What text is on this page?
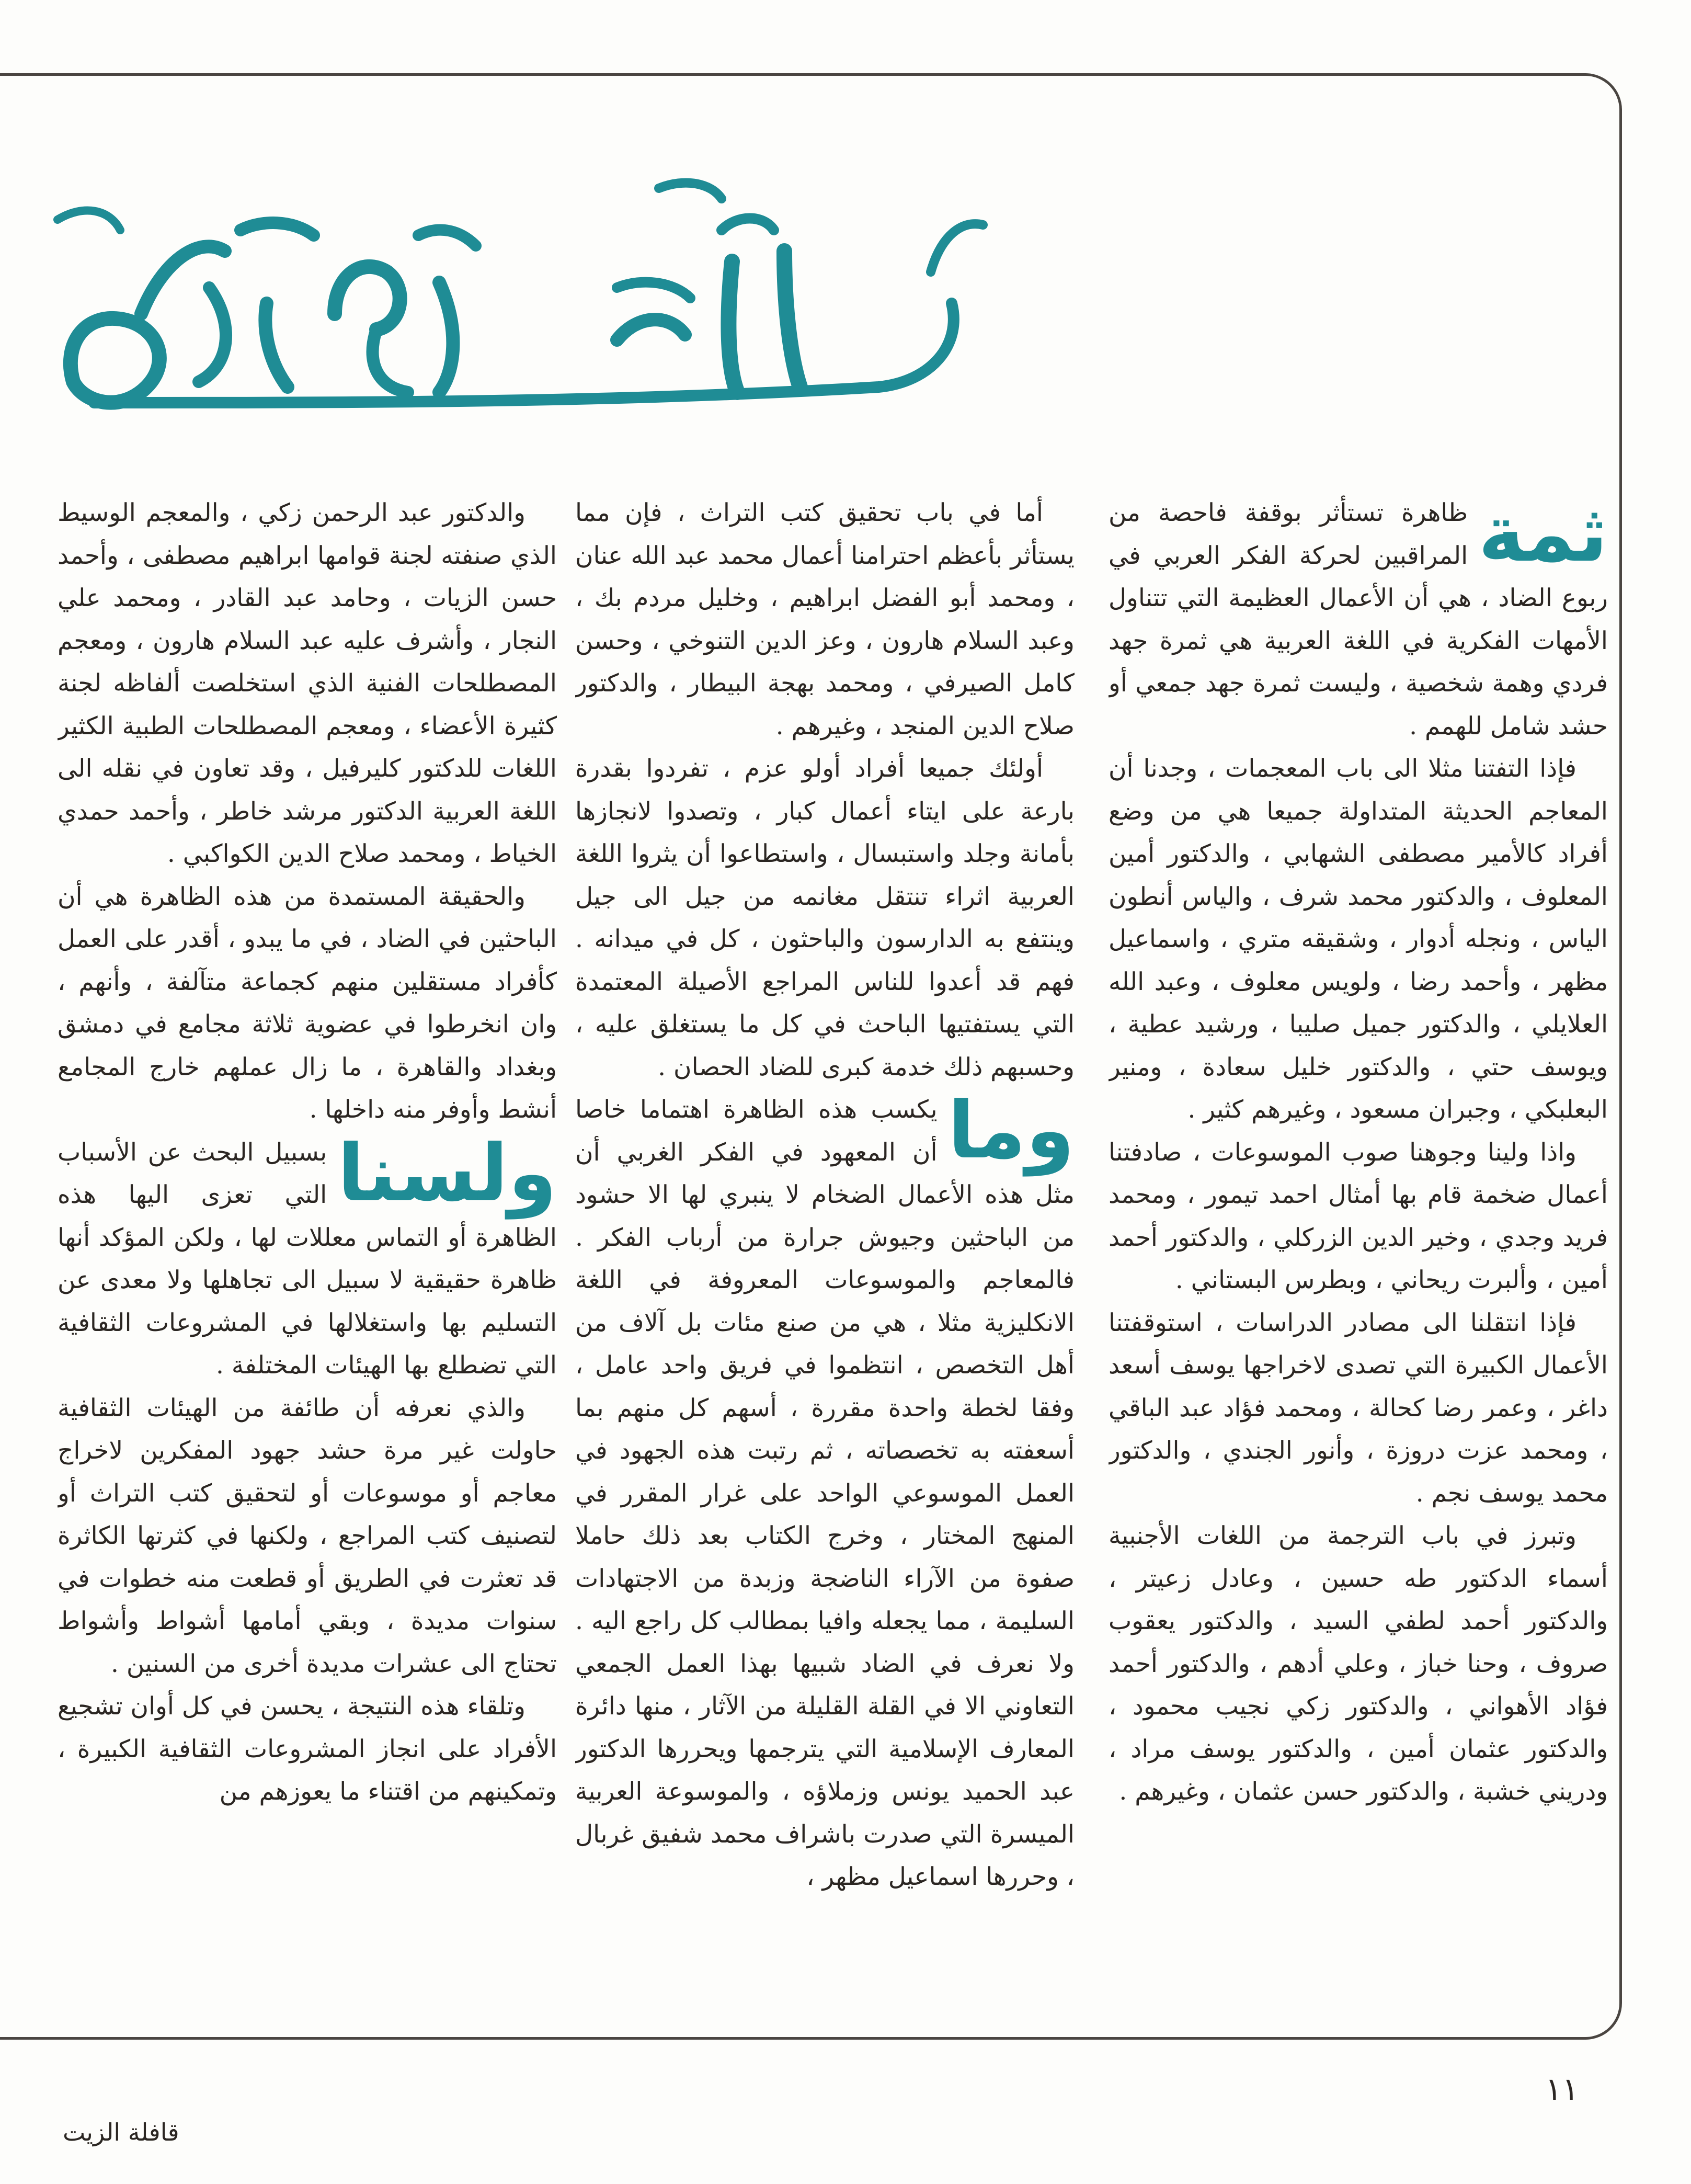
ثمة
ظاهرة تستأثر بوقفة فاحصة من المراقبين لحركة الفكر العربي في ربوع الضاد ، هي أن الأعمال العظيمة التي تتناول الأمهات الفكرية في اللغة العربية هي ثمرة جهد فردي وهمة شخصية ، وليست ثمرة جهد جمعي أو حشد شامل للهمم .

فإذا التفتنا مثلا الى باب المعجمات ، وجدنا أن المعاجم الحديثة المتداولة جميعا هي من وضع أفراد كالأمير مصطفى الشهابي ، والدكتور أمين المعلوف ، والدكتور محمد شرف ، والياس أنطون الياس ، ونجله أدوار ، وشقيقه متري ، واسماعيل مظهر ، وأحمد رضا ، ولويس معلوف ، وعبد الله العلايلي ، والدكتور جميل صليبا ، ورشيد عطية ، ويوسف حتي ، والدكتور خليل سعادة ، ومنير البعلبكي ، وجبران مسعود ، وغيرهم كثير .

واذا ولينا وجوهنا صوب الموسوعات ، صادفتنا أعمال ضخمة قام بها أمثال احمد تيمور ، ومحمد فريد وجدي ، وخير الدين الزركلي ، والدكتور أحمد أمين ، وألبرت ريحاني ، وبطرس البستاني .

فإذا انتقلنا الى مصادر الدراسات ، استوقفتنا الأعمال الكبيرة التي تصدى لاخراجها يوسف أسعد داغر ، وعمر رضا كحالة ، ومحمد فؤاد عبد الباقي ، ومحمد عزت دروزة ، وأنور الجندي ، والدكتور محمد يوسف نجم .

وتبرز في باب الترجمة من اللغات الأجنبية أسماء الدكتور طه حسين ، وعادل زعيتر ، والدكتور أحمد لطفي السيد ، والدكتور يعقوب صروف ، وحنا خباز ، وعلي أدهم ، والدكتور أحمد فؤاد الأهواني ، والدكتور زكي نجيب محمود ، والدكتور عثمان أمين ، والدكتور يوسف مراد ، ودريني خشبة ، والدكتور حسن عثمان ، وغيرهم .

أما في باب تحقيق كتب التراث ، فإن مما يستأثر بأعظم احترامنا أعمال محمد عبد الله عنان ، ومحمد أبو الفضل ابراهيم ، وخليل مردم بك ، وعبد السلام هارون ، وعز الدين التنوخي ، وحسن كامل الصيرفي ، ومحمد بهجة البيطار ، والدكتور صلاح الدين المنجد ، وغيرهم .

أولئك جميعا أفراد أولو عزم ، تفردوا بقدرة بارعة على ايتاء أعمال كبار ، وتصدوا لانجازها بأمانة وجلد واستبسال ، واستطاعوا أن يثروا اللغة العربية اثراء تنتقل مغانمه من جيل الى جيل وينتفع به الدارسون والباحثون ، كل في ميدانه . فهم قد أعدوا للناس المراجع الأصيلة المعتمدة التي يستفتيها الباحث في كل ما يستغلق عليه ، وحسبهم ذلك خدمة كبرى للضاد الحصان .

وما
يكسب هذه الظاهرة اهتماما خاصا أن المعهود في الفكر الغربي أن مثل هذه الأعمال الضخام لا ينبري لها الا حشود من الباحثين وجيوش جرارة من أرباب الفكر . فالمعاجم والموسوعات المعروفة في اللغة الانكليزية مثلا ، هي من صنع مئات بل آلاف من أهل التخصص ، انتظموا في فريق واحد عامل ، وفقا لخطة واحدة مقررة ، أسهم كل منهم بما أسعفته به تخصصاته ، ثم رتبت هذه الجهود في العمل الموسوعي الواحد على غرار المقرر في المنهج المختار ، وخرج الكتاب بعد ذلك حاملا صفوة من الآراء الناضجة وزبدة من الاجتهادات السليمة ، مما يجعله وافيا بمطالب كل راجع اليه . ولا نعرف في الضاد شبيها بهذا العمل الجمعي التعاوني الا في القلة القليلة من الآثار ، منها دائرة المعارف الإسلامية التي يترجمها ويحررها الدكتور عبد الحميد يونس وزملاؤه ، والموسوعة العربية الميسرة التي صدرت باشراف محمد شفيق غربال ، وحررها اسماعيل مظهر ،

والدكتور عبد الرحمن زكي ، والمعجم الوسيط الذي صنفته لجنة قوامها ابراهيم مصطفى ، وأحمد حسن الزيات ، وحامد عبد القادر ، ومحمد علي النجار ، وأشرف عليه عبد السلام هارون ، ومعجم المصطلحات الفنية الذي استخلصت ألفاظه لجنة كثيرة الأعضاء ، ومعجم المصطلحات الطبية الكثير اللغات للدكتور كليرفيل ، وقد تعاون في نقله الى اللغة العربية الدكتور مرشد خاطر ، وأحمد حمدي الخياط ، ومحمد صلاح الدين الكواكبي .

والحقيقة المستمدة من هذه الظاهرة هي أن الباحثين في الضاد ، في ما يبدو ، أقدر على العمل كأفراد مستقلين منهم كجماعة متآلفة ، وأنهم ، وان انخرطوا في عضوية ثلاثة مجامع في دمشق وبغداد والقاهرة ، ما زال عملهم خارج المجامع أنشط وأوفر منه داخلها .

ولسنا
بسبيل البحث عن الأسباب التي تعزى اليها هذه الظاهرة أو التماس معللات لها ، ولكن المؤكد أنها ظاهرة حقيقية لا سبيل الى تجاهلها ولا معدى عن التسليم بها واستغلالها في المشروعات الثقافية التي تضطلع بها الهيئات المختلفة .

والذي نعرفه أن طائفة من الهيئات الثقافية حاولت غير مرة حشد جهود المفكرين لاخراج معاجم أو موسوعات أو لتحقيق كتب التراث أو لتصنيف كتب المراجع ، ولكنها في كثرتها الكاثرة قد تعثرت في الطريق أو قطعت منه خطوات في سنوات مديدة ، وبقي أمامها أشواط وأشواط تحتاج الى عشرات مديدة أخرى من السنين .

وتلقاء هذه النتيجة ، يحسن في كل أوان تشجيع الأفراد على انجاز المشروعات الثقافية الكبيرة ، وتمكينهم من اقتناء ما يعوزهم من

١١
قافلة الزيت
